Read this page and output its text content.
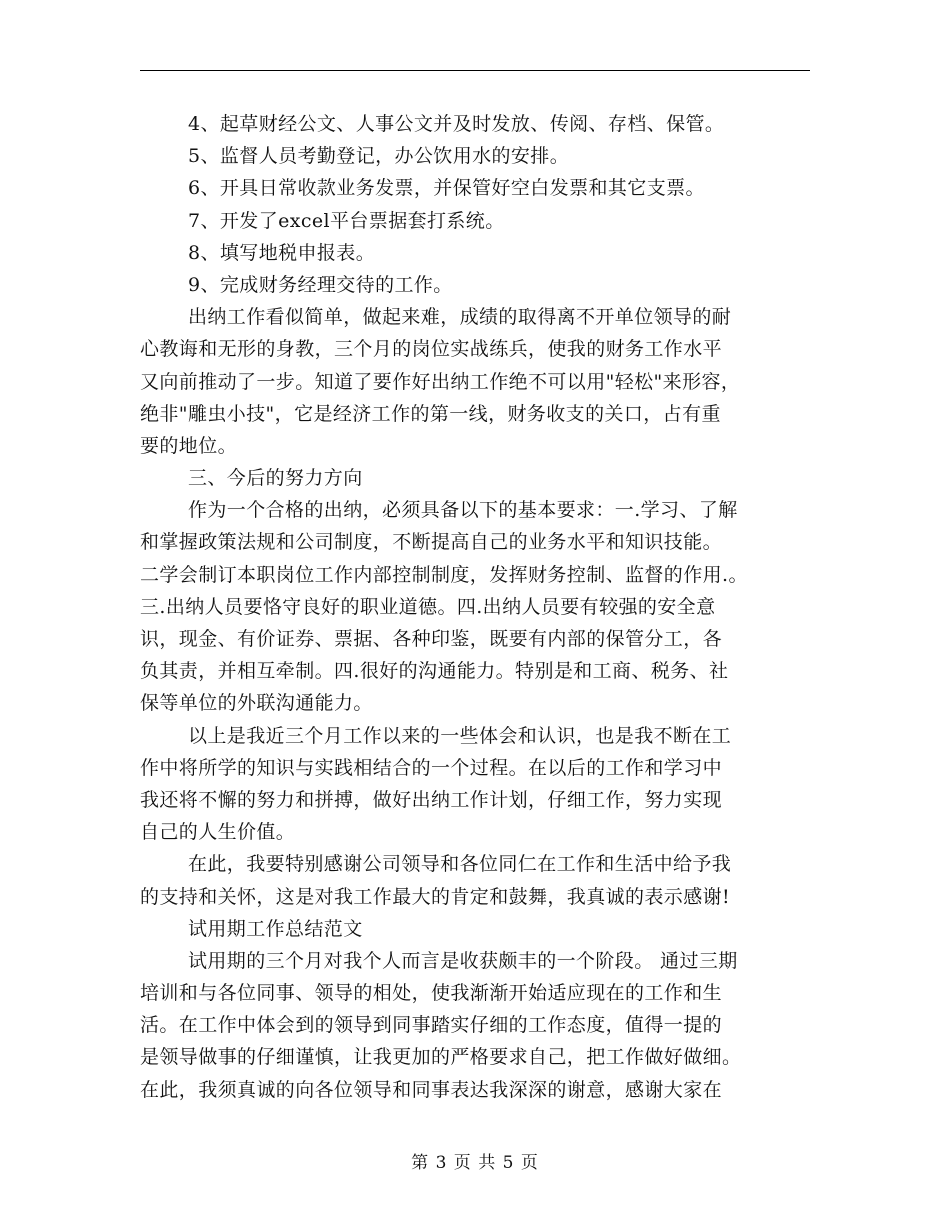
4、起草财经公文、人事公文并及时发放、传阅、存档、保管。
5、监督人员考勤登记，办公饮用水的安排。
6、开具日常收款业务发票，并保管好空白发票和其它支票。
7、开发了excel平台票据套打系统。
8、填写地税申报表。
9、完成财务经理交待的工作。
出纳工作看似简单，做起来难，成绩的取得离不开单位领导的耐
心教诲和无形的身教，三个月的岗位实战练兵，使我的财务工作水平
又向前推动了一步。知道了要作好出纳工作绝不可以用"轻松"来形容，
绝非"雕虫小技"，它是经济工作的第一线，财务收支的关口，占有重
要的地位。
三、今后的努力方向
作为一个合格的出纳，必须具备以下的基本要求：一.学习、了解
和掌握政策法规和公司制度，不断提高自己的业务水平和知识技能。
二学会制订本职岗位工作内部控制制度，发挥财务控制、监督的作用.。
三.出纳人员要恪守良好的职业道德。四.出纳人员要有较强的安全意
识，现金、有价证券、票据、各种印鉴，既要有内部的保管分工，各
负其责，并相互牵制。四.很好的沟通能力。特别是和工商、税务、社
保等单位的外联沟通能力。
以上是我近三个月工作以来的一些体会和认识，也是我不断在工
作中将所学的知识与实践相结合的一个过程。在以后的工作和学习中
我还将不懈的努力和拼搏，做好出纳工作计划，仔细工作，努力实现
自己的人生价值。
在此，我要特别感谢公司领导和各位同仁在工作和生活中给予我
的支持和关怀，这是对我工作最大的肯定和鼓舞，我真诚的表示感谢!
试用期工作总结范文
试用期的三个月对我个人而言是收获颇丰的一个阶段。 通过三期
培训和与各位同事、领导的相处，使我渐渐开始适应现在的工作和生
活。在工作中体会到的领导到同事踏实仔细的工作态度，值得一提的
是领导做事的仔细谨慎，让我更加的严格要求自己，把工作做好做细。
在此，我须真诚的向各位领导和同事表达我深深的谢意，感谢大家在
第 3 页 共 5 页
